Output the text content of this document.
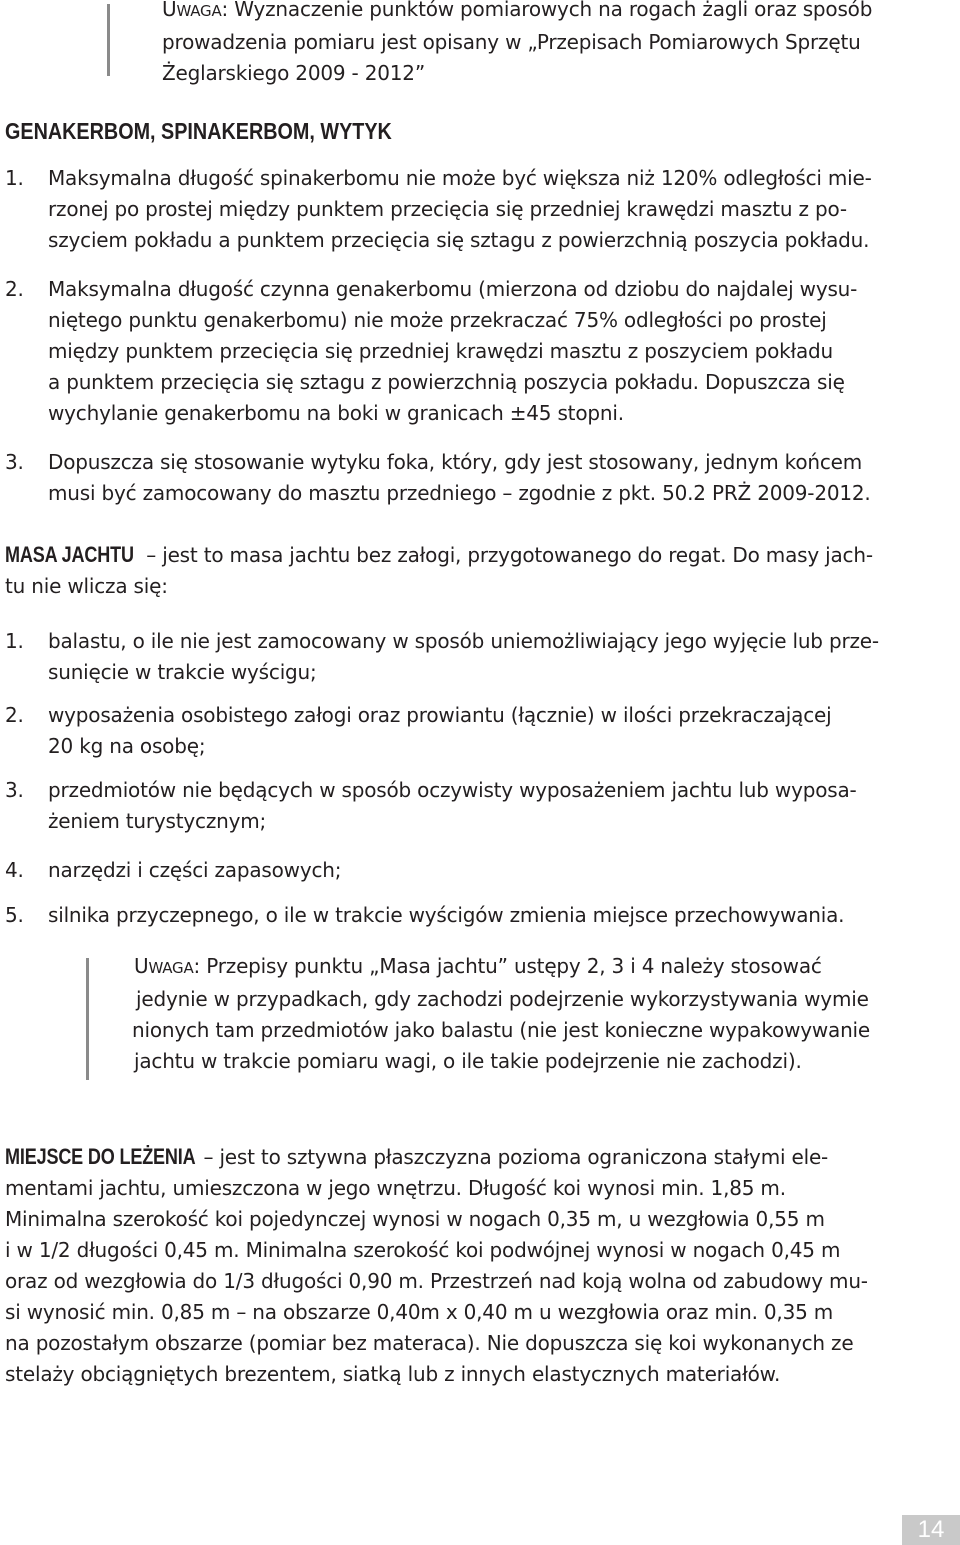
UWAGA: Wyznaczenie punktów pomiarowych na rogach żagli oraz sposób
prowadzenia pomiaru jest opisany w „Przepisach Pomiarowych Sprzętu
Żeglarskiego 2009 - 2012”
GENAKERBOM, SPINAKERBOM, WYTYK
1.	Maksymalna długość spinakerbomu nie może być większa niż 120% odległości mie-
rzonej po prostej między punktem przecięcia się przedniej krawędzi masztu z po-
szyciem pokładu a punktem przecięcia się sztagu z powierzchnią poszycia pokładu.
2.	Maksymalna długość czynna genakerbomu (mierzona od dziobu do najdalej wysu-
niętego punktu genakerbomu) nie może przekraczać 75% odległości po prostej
między punktem przecięcia się przedniej krawędzi masztu z poszyciem pokładu
a punktem przecięcia się sztagu z powierzchnią poszycia pokładu. Dopuszcza się
wychylanie genakerbomu na boki w granicach ±45 stopni.
3.	Dopuszcza się stosowanie wytyku foka, który, gdy jest stosowany, jednym końcem
musi być zamocowany do masztu przedniego – zgodnie z pkt. 50.2 PRŻ 2009-2012.
MASA JACHTU – jest to masa jachtu bez załogi, przygotowanego do regat. Do masy jach-
tu nie wlicza się:
1.	balastu, o ile nie jest zamocowany w sposób uniemożliwiający jego wyjęcie lub prze-
sunięcie w trakcie wyścigu;
2.	wyposażenia osobistego załogi oraz prowiantu (łącznie) w ilości przekraczającej
20 kg na osobę;
3.	przedmiotów nie będących w sposób oczywisty wyposażeniem jachtu lub wyposa-
żeniem turystycznym;
4.	narzędzi i części zapasowych;
5.	silnika przyczepnego, o ile w trakcie wyścigów zmienia miejsce przechowywania.
UWAGA: Przepisy punktu „Masa jachtu” ustępy 2, 3 i 4 należy stosować
jedynie w przypadkach, gdy zachodzi podejrzenie wykorzystywania wymie
nionych tam przedmiotów jako balastu (nie jest konieczne wypakowywanie
jachtu w trakcie pomiaru wagi, o ile takie podejrzenie nie zachodzi).
MIEJSCE DO LEŻENIA – jest to sztywna płaszczyzna pozioma ograniczona stałymi ele-
mentami jachtu, umieszczona w jego wnętrzu. Długość koi wynosi min. 1,85 m.
Minimalna szerokość koi pojedynczej wynosi w nogach 0,35 m, u wezgłowia 0,55 m
i w 1/2 długości 0,45 m. Minimalna szerokość koi podwójnej wynosi w nogach 0,45 m
oraz od wezgłowia do 1/3 długości 0,90 m. Przestrzeń nad koją wolna od zabudowy mu-
si wynosić min. 0,85 m – na obszarze 0,40m x 0,40 m u wezgłowia oraz min. 0,35 m
na pozostałym obszarze (pomiar bez materaca). Nie dopuszcza się koi wykonanych ze
stelaży obciągniętych brezentem, siatką lub z innych elastycznych materiałów.
14
